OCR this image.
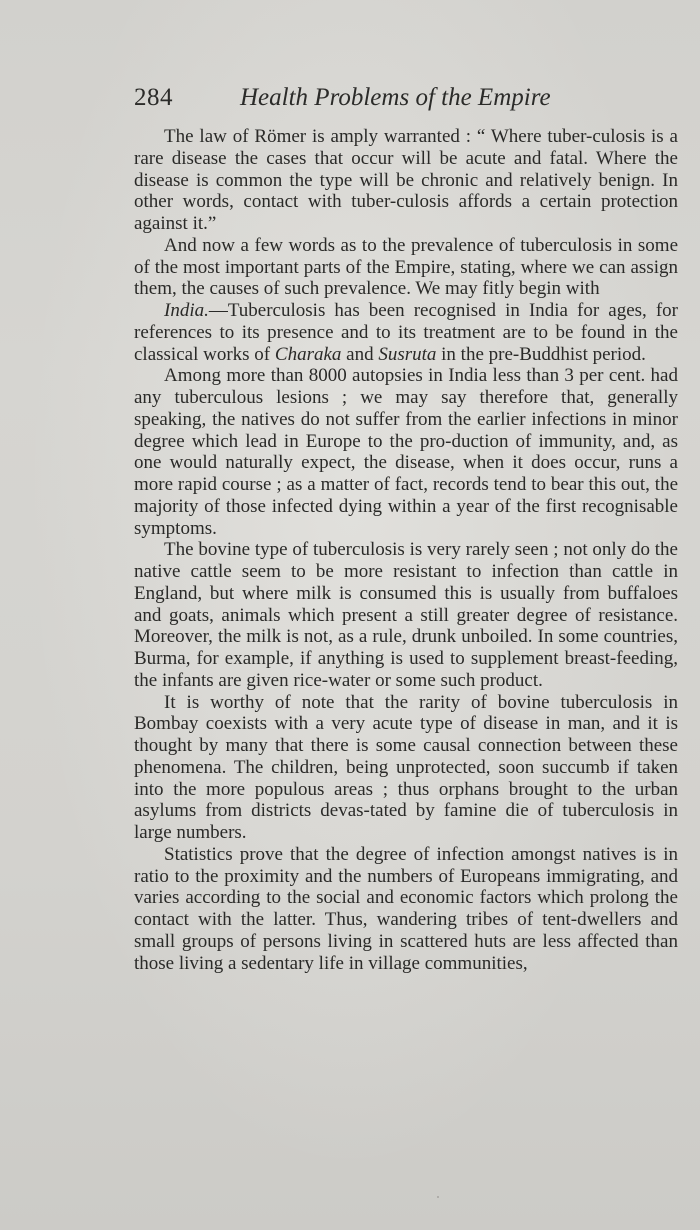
284	Health Problems of the Empire

The law of Römer is amply warranted : “ Where tuber-culosis is a rare disease the cases that occur will be acute and fatal. Where the disease is common the type will be chronic and relatively benign. In other words, contact with tuber-culosis affords a certain protection against it.”

And now a few words as to the prevalence of tuberculosis in some of the most important parts of the Empire, stating, where we can assign them, the causes of such prevalence. We may fitly begin with

India.—Tuberculosis has been recognised in India for ages, for references to its presence and to its treatment are to be found in the classical works of Charaka and Susruta in the pre-Buddhist period.

Among more than 8000 autopsies in India less than 3 per cent. had any tuberculous lesions ; we may say therefore that, generally speaking, the natives do not suffer from the earlier infections in minor degree which lead in Europe to the pro-duction of immunity, and, as one would naturally expect, the disease, when it does occur, runs a more rapid course ; as a matter of fact, records tend to bear this out, the majority of those infected dying within a year of the first recognisable symptoms.

The bovine type of tuberculosis is very rarely seen ; not only do the native cattle seem to be more resistant to infection than cattle in England, but where milk is consumed this is usually from buffaloes and goats, animals which present a still greater degree of resistance. Moreover, the milk is not, as a rule, drunk unboiled. In some countries, Burma, for example, if anything is used to supplement breast-feeding, the infants are given rice-water or some such product.

It is worthy of note that the rarity of bovine tuberculosis in Bombay coexists with a very acute type of disease in man, and it is thought by many that there is some causal connection between these phenomena. The children, being unprotected, soon succumb if taken into the more populous areas ; thus orphans brought to the urban asylums from districts devas-tated by famine die of tuberculosis in large numbers.

Statistics prove that the degree of infection amongst natives is in ratio to the proximity and the numbers of Europeans immigrating, and varies according to the social and economic factors which prolong the contact with the latter. Thus, wandering tribes of tent-dwellers and small groups of persons living in scattered huts are less affected than those living a sedentary life in village communities,
